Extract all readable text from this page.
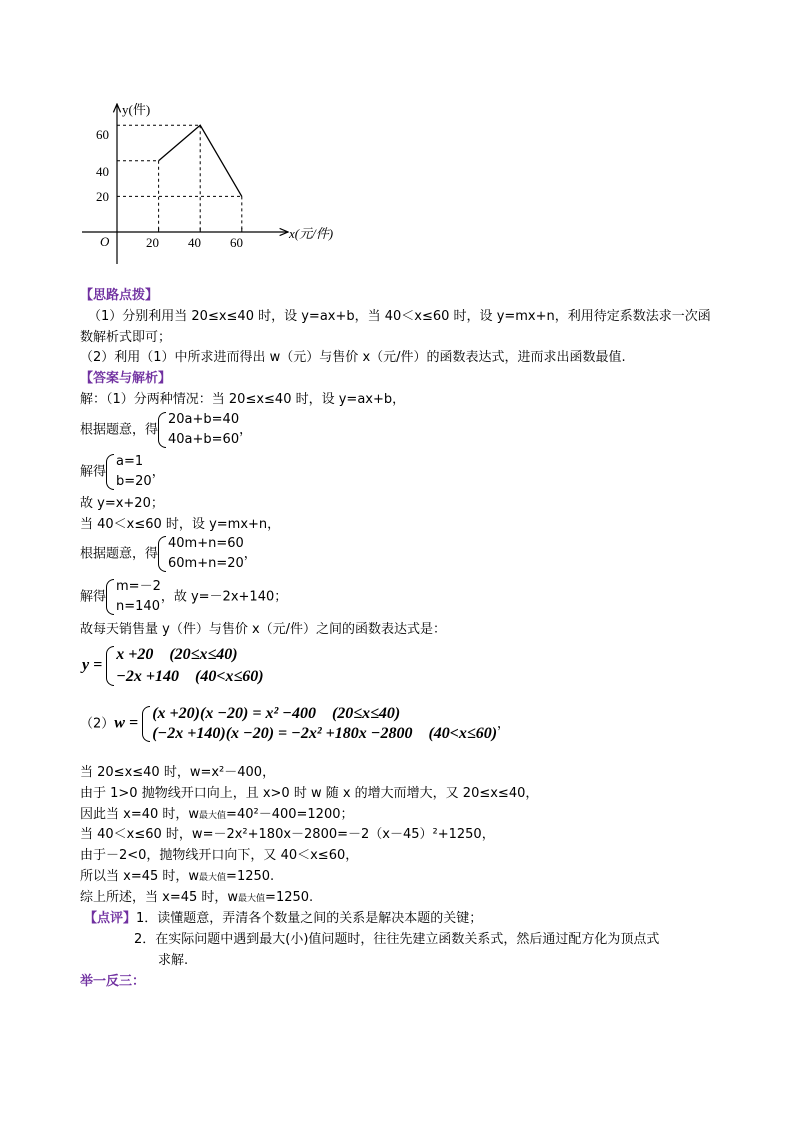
y(件)
x(元/件)
O
60
40
20
20 40 60
【思路点拨】
（1）分别利用当 20≤x≤40 时，设 y=ax+b，当 40＜x≤60 时，设 y=mx+n，利用待定系数法求一次函
数解析式即可；
（2）利用（1）中所求进而得出 w（元）与售价 x（元/件）的函数表达式，进而求出函数最值.
【答案与解析】
解：（1）分两种情况：当 20≤x≤40 时，设 y=ax+b，
根据题意，得
20a+b=40
40a+b=60
，
解得
a=1
b=20
，
故 y=x+20；
当 40＜x≤60 时，设 y=mx+n，
根据题意，得
40m+n=60
60m+n=20
，
解得
m=－2
n=140
，故 y=－2x+140；
故每天销售量 y（件）与售价 x（元/件）之间的函数表达式是：
y =
x +20　(20≤x≤40)
−2x +140　(40<x≤60)
（2）w =
(x +20)(x −20) = x² −400　(20≤x≤40)
(−2x +140)(x −20) = −2x² +180x −2800　(40<x≤60)
，
当 20≤x≤40 时，w=x²－400，
由于 1>0 抛物线开口向上，且 x>0 时 w 随 x 的增大而增大，又 20≤x≤40，
因此当 x=40 时，w最大值=40²－400=1200；
当 40＜x≤60 时，w=－2x²+180x－2800=－2（x－45）²+1250，
由于－2<0，抛物线开口向下，又 40＜x≤60，
所以当 x=45 时，w最大值=1250.
综上所述，当 x=45 时，w最大值=1250.
【点评】1．读懂题意，弄清各个数量之间的关系是解决本题的关键；
2．在实际问题中遇到最大(小)值问题时，往往先建立函数关系式，然后通过配方化为顶点式
求解.
举一反三：
